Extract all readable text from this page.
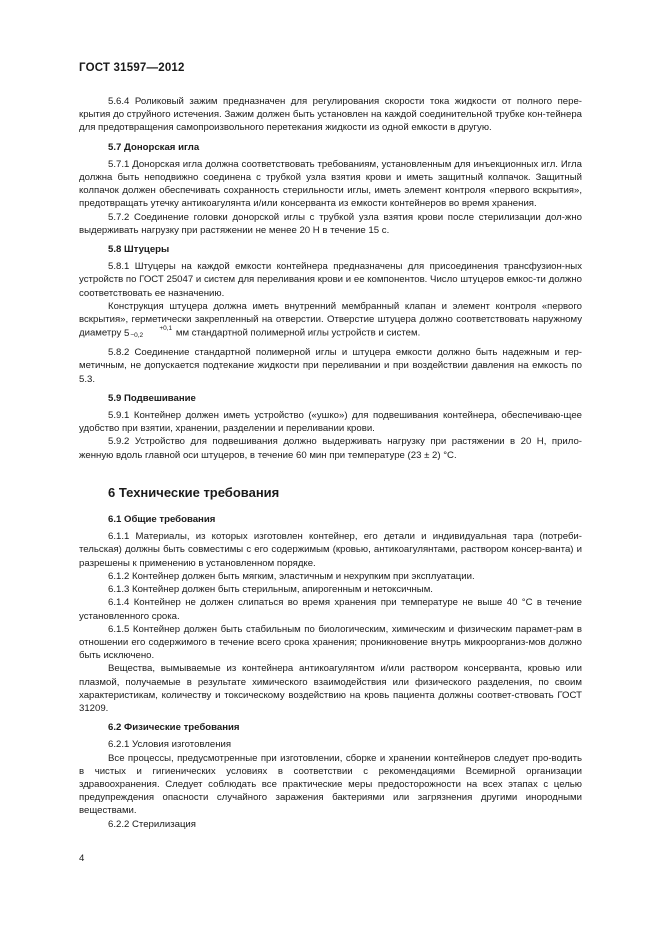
ГОСТ 31597—2012

5.6.4 Роликовый зажим предназначен для регулирования скорости тока жидкости от полного пере-крытия до струйного истечения. Зажим должен быть установлен на каждой соединительной трубке кон-тейнера для предотвращения самопроизвольного перетекания жидкости из одной емкости в другую.

5.7 Донорская игла

5.7.1 Донорская игла должна соответствовать требованиям, установленным для инъекционных игл. Игла должна быть неподвижно соединена с трубкой узла взятия крови и иметь защитный колпачок. Защитный колпачок должен обеспечивать сохранность стерильности иглы, иметь элемент контроля «первого вскрытия», предотвращать утечку антикоагулянта и/или консерванта из емкости контейнеров во время хранения.

5.7.2 Соединение головки донорской иглы с трубкой узла взятия крови после стерилизации дол-жно выдерживать нагрузку при растяжении не менее 20 Н в течение 15 с.

5.8 Штуцеры

5.8.1 Штуцеры на каждой емкости контейнера предназначены для присоединения трансфузион-ных устройств по ГОСТ 25047 и систем для переливания крови и ее компонентов. Число штуцеров емкос-ти должно соответствовать ее назначению.

Конструкция штуцера должна иметь внутренний мембранный клапан и элемент контроля «первого вскрытия», герметически закрепленный на отверстии. Отверстие штуцера должно соответствовать наружному диаметру 5	+0,1
−0,2	мм стандартной полимерной иглы устройств и систем.

5.8.2 Соединение стандартной полимерной иглы и штуцера емкости должно быть надежным и гер-метичным, не допускается подтекание жидкости при переливании и при воздействии давления на емкость по 5.3.

5.9 Подвешивание

5.9.1 Контейнер должен иметь устройство («ушко») для подвешивания контейнера, обеспечиваю-щее удобство при взятии, хранении, разделении и переливании крови.

5.9.2 Устройство для подвешивания должно выдерживать нагрузку при растяжении в 20 Н, прило-женную вдоль главной оси штуцеров, в течение 60 мин при температуре (23 ± 2) °С.

6 Технические требования
6.1 Общие требования

6.1.1 Материалы, из которых изготовлен контейнер, его детали и индивидуальная тара (потреби-тельская) должны быть совместимы с его содержимым (кровью, антикоагулянтами, раствором консер-ванта) и разрешены к применению в установленном порядке.

6.1.2 Контейнер должен быть мягким, эластичным и нехрупким при эксплуатации.

6.1.3 Контейнер должен быть стерильным, апирогенным и нетоксичным.

6.1.4 Контейнер не должен слипаться во время хранения при температуре не выше 40 °С в течение установленного срока.

6.1.5 Контейнер должен быть стабильным по биологическим, химическим и физическим парамет-рам в отношении его содержимого в течение всего срока хранения; проникновение внутрь микроорганиз-мов должно быть исключено.

Вещества, вымываемые из контейнера антикоагулянтом и/или раствором консерванта, кровью или плазмой, получаемые в результате химического взаимодействия или физического разделения, по своим характеристикам, количеству и токсическому воздействию на кровь пациента должны соответ-ствовать ГОСТ 31209.

6.2 Физические требования

6.2.1 Условия изготовления

Все процессы, предусмотренные при изготовлении, сборке и хранении контейнеров следует про-водить в чистых и гигиенических условиях в соответствии с рекомендациями Всемирной организации здравоохранения. Следует соблюдать все практические меры предосторожности на всех этапах с целью предупреждения опасности случайного заражения бактериями или загрязнения другими инородными веществами.

6.2.2 Стерилизация

4
